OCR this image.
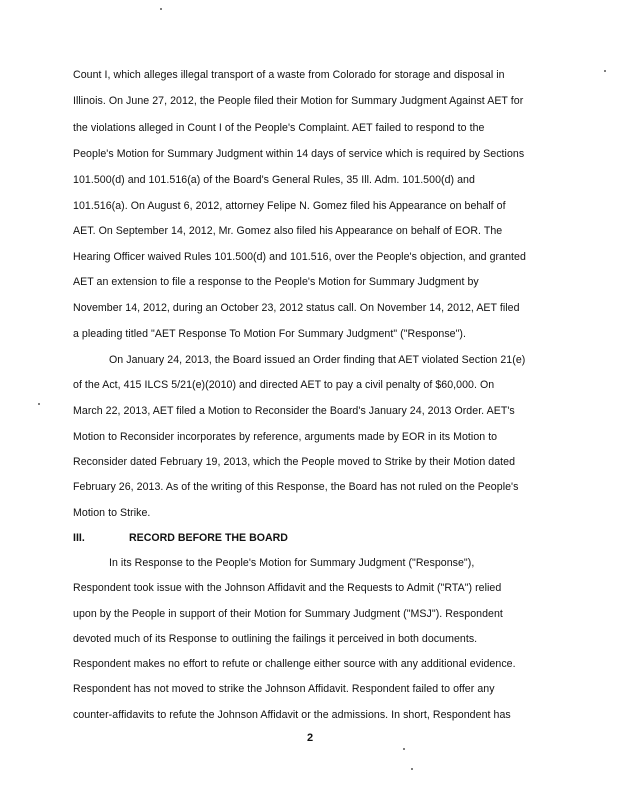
Count I, which alleges illegal transport of a waste from Colorado for storage and disposal in
Illinois. On June 27, 2012, the People filed their Motion for Summary Judgment Against AET for
the violations alleged in Count I of the People's Complaint. AET failed to respond to the
People's Motion for Summary Judgment within 14 days of service which is required by Sections
101.500(d) and 101.516(a) of the Board's General Rules, 35 Ill. Adm. 101.500(d) and
101.516(a). On August 6, 2012, attorney Felipe N. Gomez filed his Appearance on behalf of
AET. On September 14, 2012, Mr. Gomez also filed his Appearance on behalf of EOR. The
Hearing Officer waived Rules 101.500(d) and 101.516, over the People's objection, and granted
AET an extension to file a response to the People's Motion for Summary Judgment by
November 14, 2012, during an October 23, 2012 status call. On November 14, 2012, AET filed
a pleading titled "AET Response To Motion For Summary Judgment" ("Response").
On January 24, 2013, the Board issued an Order finding that AET violated Section 21(e)
of the Act, 415 ILCS 5/21(e)(2010) and directed AET to pay a civil penalty of $60,000. On
March 22, 2013, AET filed a Motion to Reconsider the Board's January 24, 2013 Order. AET's
Motion to Reconsider incorporates by reference, arguments made by EOR in its Motion to
Reconsider dated February 19, 2013, which the People moved to Strike by their Motion dated
February 26, 2013. As of the writing of this Response, the Board has not ruled on the People's
Motion to Strike.
III.	RECORD BEFORE THE BOARD
In its Response to the People's Motion for Summary Judgment ("Response"),
Respondent took issue with the Johnson Affidavit and the Requests to Admit ("RTA") relied
upon by the People in support of their Motion for Summary Judgment ("MSJ"). Respondent
devoted much of its Response to outlining the failings it perceived in both documents.
Respondent makes no effort to refute or challenge either source with any additional evidence.
Respondent has not moved to strike the Johnson Affidavit. Respondent failed to offer any
counter-affidavits to refute the Johnson Affidavit or the admissions. In short, Respondent has
2
